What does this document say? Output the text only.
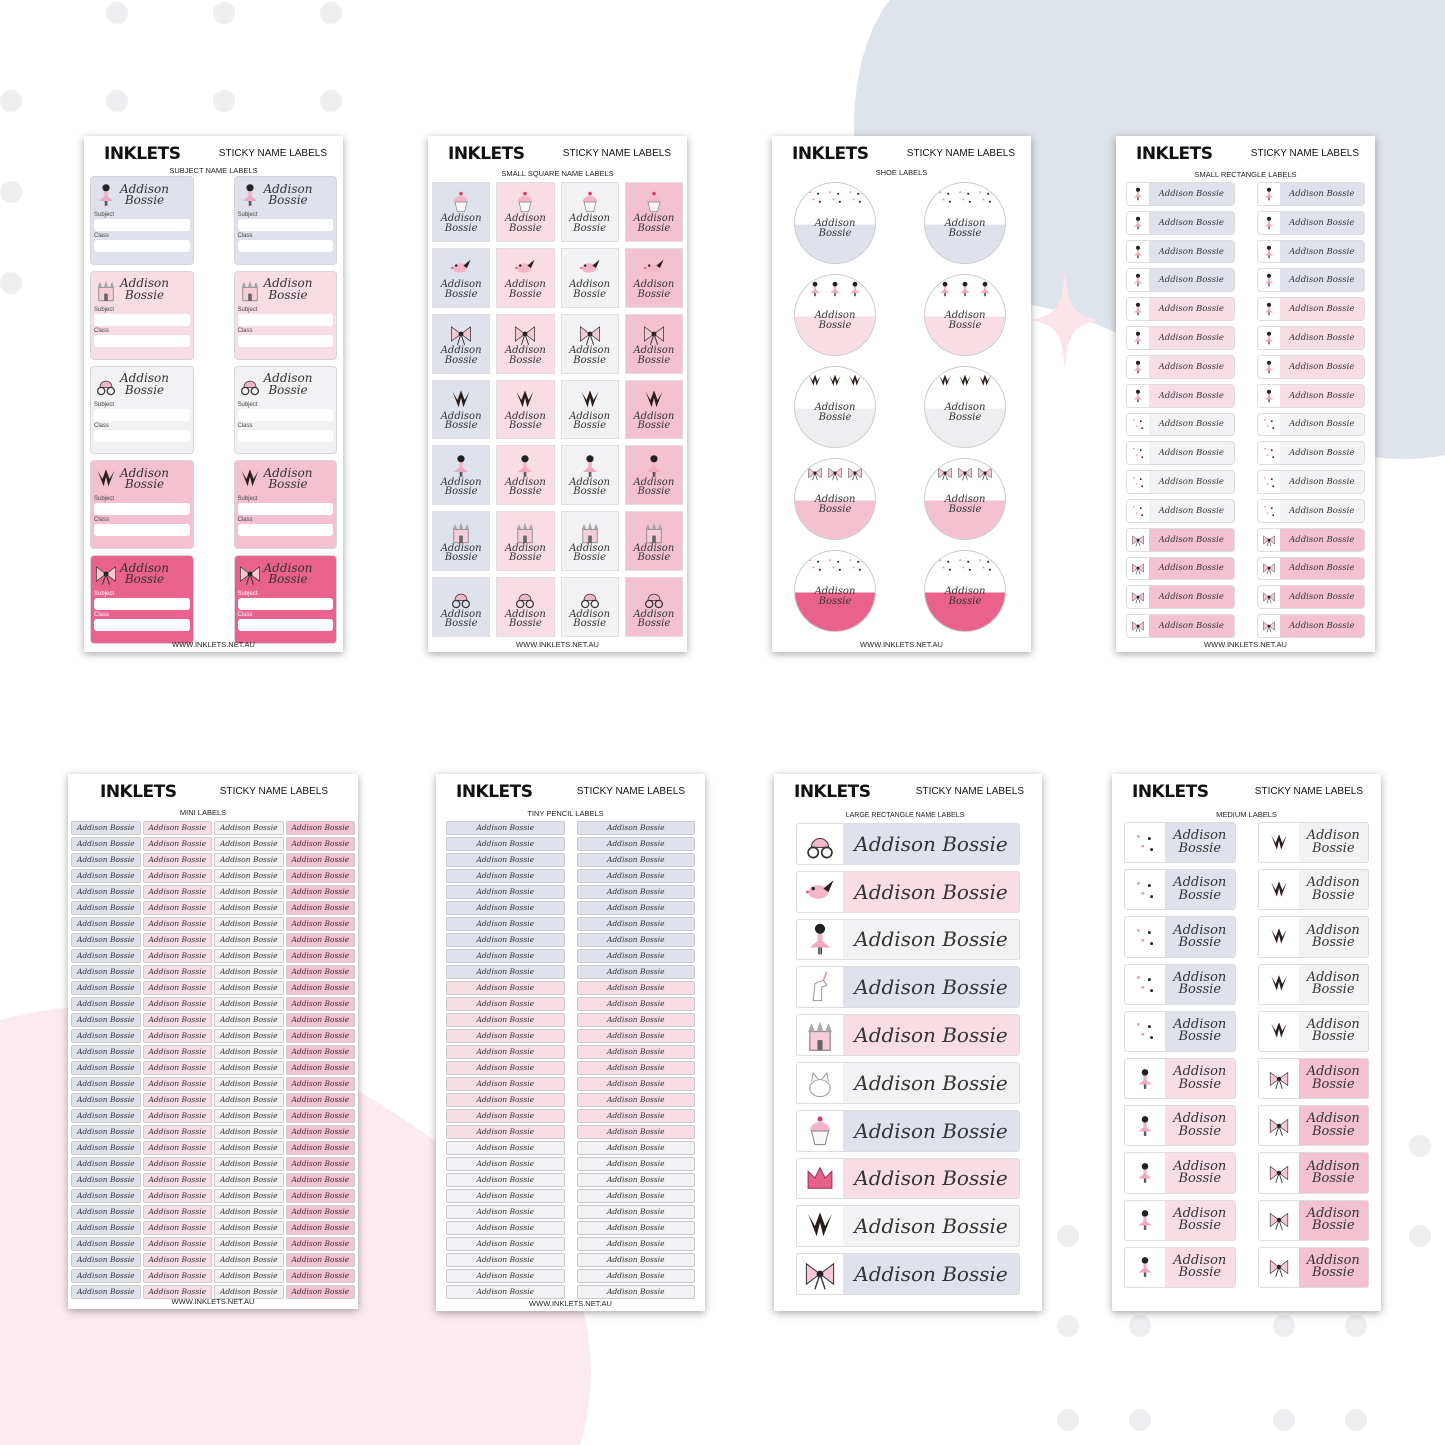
INKLETS	STICKY NAME LABELS
SUBJECT NAME LABELS
Addison
Bossie
Subject
Class
Addison
Bossie
Subject
Class
Addison
Bossie
Subject
Class
Addison
Bossie
Subject
Class
Addison
Bossie
Subject
Class
Addison
Bossie
Subject
Class
Addison
Bossie
Subject
Class
Addison
Bossie
Subject
Class
Addison
Bossie
Subject
Class
Addison
Bossie
Subject
Class
WWW.INKLETS.NET.AU
INKLETS	STICKY NAME LABELS
SMALL SQUARE NAME LABELS
Addison
Bossie
Addison
Bossie
Addison
Bossie
Addison
Bossie
Addison
Bossie
Addison
Bossie
Addison
Bossie
Addison
Bossie
Addison
Bossie
Addison
Bossie
Addison
Bossie
Addison
Bossie
Addison
Bossie
Addison
Bossie
Addison
Bossie
Addison
Bossie
Addison
Bossie
Addison
Bossie
Addison
Bossie
Addison
Bossie
Addison
Bossie
Addison
Bossie
Addison
Bossie
Addison
Bossie
Addison
Bossie
Addison
Bossie
Addison
Bossie
Addison
Bossie
WWW.INKLETS.NET.AU
INKLETS	STICKY NAME LABELS
SHOE LABELS
Addison
Bossie
Addison
Bossie
Addison
Bossie
Addison
Bossie
Addison
Bossie
Addison
Bossie
Addison
Bossie
Addison
Bossie
Addison
Bossie
Addison
Bossie
WWW.INKLETS.NET.AU
INKLETS	STICKY NAME LABELS
SMALL RECTANGLE LABELS
Addison Bossie	Addison Bossie
Addison Bossie	Addison Bossie
Addison Bossie	Addison Bossie
Addison Bossie	Addison Bossie
Addison Bossie	Addison Bossie
Addison Bossie	Addison Bossie
Addison Bossie	Addison Bossie
Addison Bossie	Addison Bossie
Addison Bossie	Addison Bossie
Addison Bossie	Addison Bossie
Addison Bossie	Addison Bossie
Addison Bossie	Addison Bossie
Addison Bossie	Addison Bossie
Addison Bossie	Addison Bossie
Addison Bossie	Addison Bossie
Addison Bossie	Addison Bossie
WWW.INKLETS.NET.AU
INKLETS	STICKY NAME LABELS
MINI LABELS
Addison Bossie	Addison Bossie	Addison Bossie	Addison Bossie
Addison Bossie	Addison Bossie	Addison Bossie	Addison Bossie
Addison Bossie	Addison Bossie	Addison Bossie	Addison Bossie
Addison Bossie	Addison Bossie	Addison Bossie	Addison Bossie
Addison Bossie	Addison Bossie	Addison Bossie	Addison Bossie
Addison Bossie	Addison Bossie	Addison Bossie	Addison Bossie
Addison Bossie	Addison Bossie	Addison Bossie	Addison Bossie
Addison Bossie	Addison Bossie	Addison Bossie	Addison Bossie
Addison Bossie	Addison Bossie	Addison Bossie	Addison Bossie
Addison Bossie	Addison Bossie	Addison Bossie	Addison Bossie
Addison Bossie	Addison Bossie	Addison Bossie	Addison Bossie
Addison Bossie	Addison Bossie	Addison Bossie	Addison Bossie
Addison Bossie	Addison Bossie	Addison Bossie	Addison Bossie
Addison Bossie	Addison Bossie	Addison Bossie	Addison Bossie
Addison Bossie	Addison Bossie	Addison Bossie	Addison Bossie
Addison Bossie	Addison Bossie	Addison Bossie	Addison Bossie
Addison Bossie	Addison Bossie	Addison Bossie	Addison Bossie
Addison Bossie	Addison Bossie	Addison Bossie	Addison Bossie
Addison Bossie	Addison Bossie	Addison Bossie	Addison Bossie
Addison Bossie	Addison Bossie	Addison Bossie	Addison Bossie
Addison Bossie	Addison Bossie	Addison Bossie	Addison Bossie
Addison Bossie	Addison Bossie	Addison Bossie	Addison Bossie
Addison Bossie	Addison Bossie	Addison Bossie	Addison Bossie
Addison Bossie	Addison Bossie	Addison Bossie	Addison Bossie
Addison Bossie	Addison Bossie	Addison Bossie	Addison Bossie
Addison Bossie	Addison Bossie	Addison Bossie	Addison Bossie
Addison Bossie	Addison Bossie	Addison Bossie	Addison Bossie
Addison Bossie	Addison Bossie	Addison Bossie	Addison Bossie
Addison Bossie	Addison Bossie	Addison Bossie	Addison Bossie
Addison Bossie	Addison Bossie	Addison Bossie	Addison Bossie
WWW.INKLETS.NET.AU
INKLETS	STICKY NAME LABELS
TINY PENCIL LABELS
Addison Bossie	Addison Bossie
Addison Bossie	Addison Bossie
Addison Bossie	Addison Bossie
Addison Bossie	Addison Bossie
Addison Bossie	Addison Bossie
Addison Bossie	Addison Bossie
Addison Bossie	Addison Bossie
Addison Bossie	Addison Bossie
Addison Bossie	Addison Bossie
Addison Bossie	Addison Bossie
Addison Bossie	Addison Bossie
Addison Bossie	Addison Bossie
Addison Bossie	Addison Bossie
Addison Bossie	Addison Bossie
Addison Bossie	Addison Bossie
Addison Bossie	Addison Bossie
Addison Bossie	Addison Bossie
Addison Bossie	Addison Bossie
Addison Bossie	Addison Bossie
Addison Bossie	Addison Bossie
Addison Bossie	Addison Bossie
Addison Bossie	Addison Bossie
Addison Bossie	Addison Bossie
Addison Bossie	Addison Bossie
Addison Bossie	Addison Bossie
Addison Bossie	Addison Bossie
Addison Bossie	Addison Bossie
Addison Bossie	Addison Bossie
Addison Bossie	Addison Bossie
Addison Bossie	Addison Bossie
WWW.INKLETS.NET.AU
INKLETS	STICKY NAME LABELS
LARGE RECTANGLE NAME LABELS
Addison Bossie
Addison Bossie
Addison Bossie
Addison Bossie
Addison Bossie
Addison Bossie
Addison Bossie
Addison Bossie
Addison Bossie
Addison Bossie
INKLETS	STICKY NAME LABELS
MEDIUM LABELS
Addison
Bossie
Addison
Bossie
Addison
Bossie
Addison
Bossie
Addison
Bossie
Addison
Bossie
Addison
Bossie
Addison
Bossie
Addison
Bossie
Addison
Bossie
Addison
Bossie
Addison
Bossie
Addison
Bossie
Addison
Bossie
Addison
Bossie
Addison
Bossie
Addison
Bossie
Addison
Bossie
Addison
Bossie
Addison
Bossie
